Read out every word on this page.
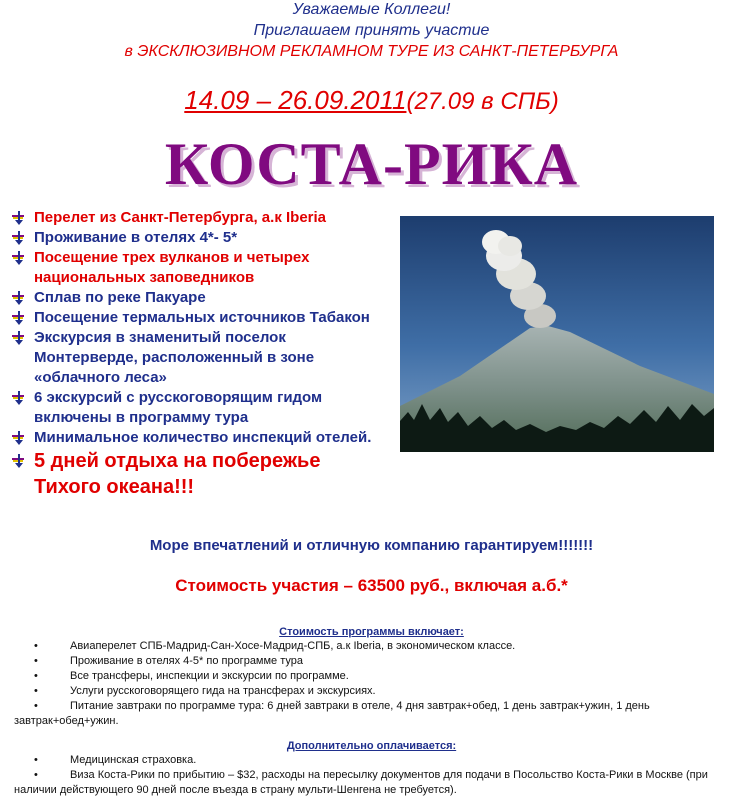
Уважаемые Коллеги!
Приглашаем принять участие
в ЭКСКЛЮЗИВНОМ РЕКЛАМНОМ ТУРЕ ИЗ САНКТ-ПЕТЕРБУРГА
14.09 – 26.09.2011(27.09 в СПБ)
КОСТА-РИКА
Перелет из Санкт-Петербурга, а.к Iberia
Проживание в отелях 4*- 5*
Посещение трех вулканов и четырех национальных заповедников
Сплав по реке Пакуаре
Посещение термальных источников Табакон
Экскурсия в знаменитый поселок Монтерверде, расположенный в зоне «облачного леса»
6 экскурсий с русскоговорящим гидом включены в программу тура
Минимальное количество инспекций отелей.
5 дней отдыха на побережье Тихого океана!!!
Море впечатлений и отличную компанию гарантируем!!!!!!!
Стоимость участия – 63500 руб., включая а.б.*
Стоимость программы включает:
• Авиаперелет СПБ-Мадрид-Сан-Хосе-Мадрид-СПБ, а.к Iberia, в экономическом классе.
• Проживание в отелях 4-5* по программе тура
• Все трансферы, инспекции и экскурсии по программе.
• Услуги русскоговорящего гида на трансферах и экскурсиях.
• Питание завтраки по программе тура: 6 дней завтраки в отеле, 4 дня завтрак+обед, 1 день завтрак+ужин, 1 день завтрак+обед+ужин.
Дополнительно оплачивается:
• Медицинская страховка.
• Виза Коста-Рики по прибытию – $32, расходы на пересылку документов для подачи в Посольство Коста-Рики в Москве (при наличии действующего 90 дней после въезда в страну мульти-Шенгена не требуется).
